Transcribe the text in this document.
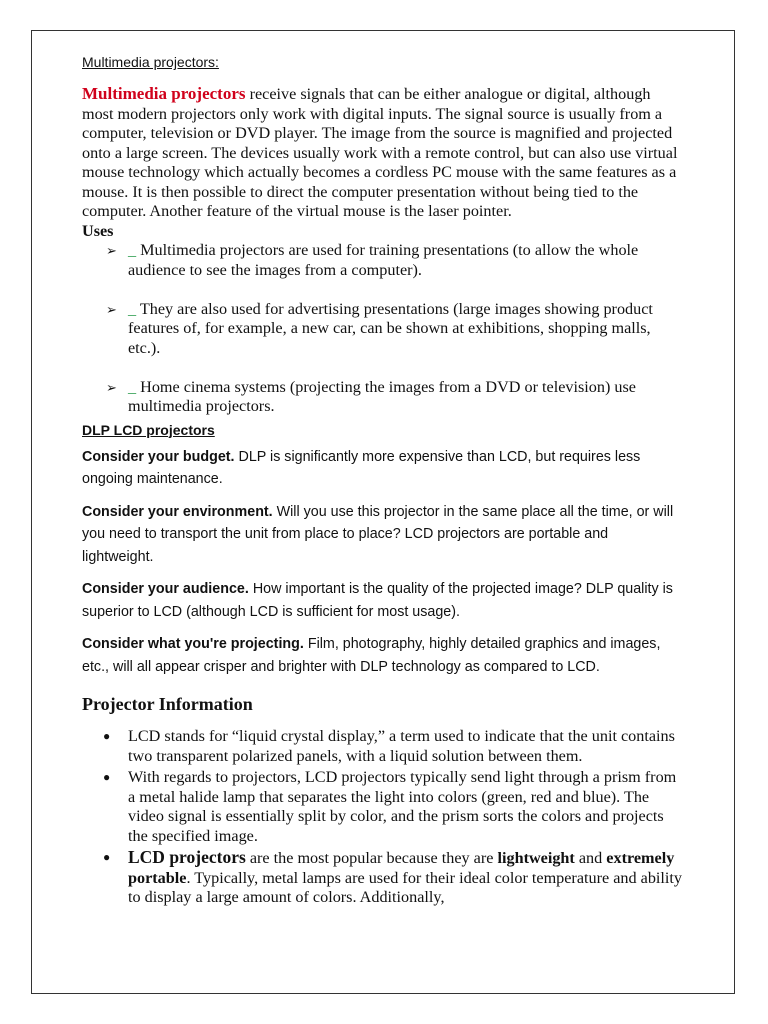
Multimedia projectors:

Multimedia projectors receive signals that can be either analogue or digital, although most modern projectors only work with digital inputs. The signal source is usually from a computer, television or DVD player. The image from the source is magnified and projected onto a large screen. The devices usually work with a remote control, but can also use virtual mouse technology which actually becomes a cordless PC mouse with the same features as a mouse. It is then possible to direct the computer presentation without being tied to the computer. Another feature of the virtual mouse is the laser pointer.

Uses

➢ _ Multimedia projectors are used for training presentations (to allow the whole audience to see the images from a computer).
➢ _ They are also used for advertising presentations (large images showing product features of, for example, a new car, can be shown at exhibitions, shopping malls, etc.).
➢ _ Home cinema systems (projecting the images from a DVD or television) use multimedia projectors.
DLP LCD projectors

Consider your budget. DLP is significantly more expensive than LCD, but requires less ongoing maintenance.

Consider your environment. Will you use this projector in the same place all the time, or will you need to transport the unit from place to place? LCD projectors are portable and lightweight.

Consider your audience. How important is the quality of the projected image? DLP quality is superior to LCD (although LCD is sufficient for most usage).

Consider what you're projecting. Film, photography, highly detailed graphics and images, etc., will all appear crisper and brighter with DLP technology as compared to LCD.

Projector Information

● LCD stands for “liquid crystal display,” a term used to indicate that the unit contains two transparent polarized panels, with a liquid solution between them.
● With regards to projectors, LCD projectors typically send light through a prism from a metal halide lamp that separates the light into colors (green, red and blue). The video signal is essentially split by color, and the prism sorts the colors and projects the specified image.
● LCD projectors are the most popular because they are lightweight and extremely portable. Typically, metal lamps are used for their ideal color temperature and ability to display a large amount of colors. Additionally,
